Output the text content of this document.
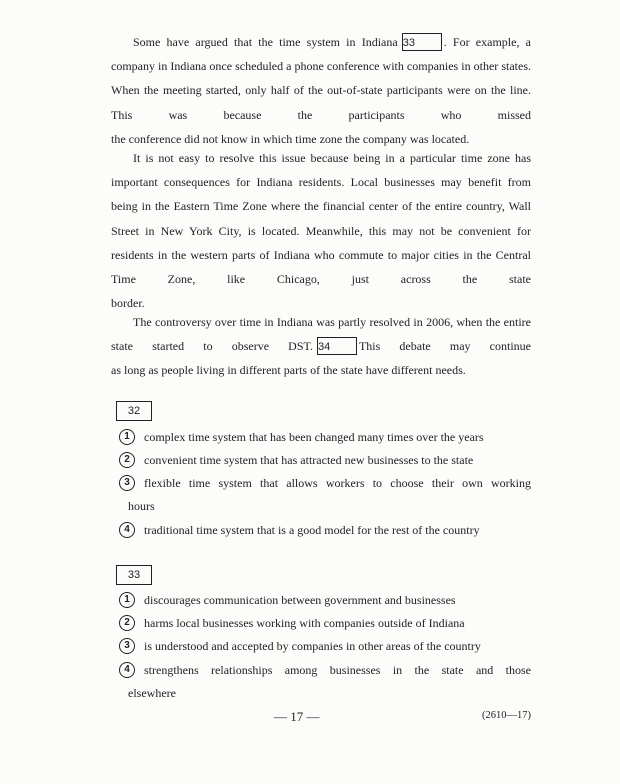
Some have argued that the time system in Indiana 33 . For example, a company in Indiana once scheduled a phone conference with companies in other states. When the meeting started, only half of the out-of-state participants were on the line. This was because the participants who missed
the conference did not know in which time zone the company was located.

It is not easy to resolve this issue because being in a particular time zone has important consequences for Indiana residents. Local businesses may benefit from being in the Eastern Time Zone where the financial center of the entire country, Wall Street in New York City, is located. Meanwhile, this may not be convenient for residents in the western parts of Indiana who commute to major cities in the Central Time Zone, like Chicago, just across the state
border.

The controversy over time in Indiana was partly resolved in 2006, when the entire state started to observe DST. 34 This debate may continue
as long as people living in different parts of the state have different needs.

32
1	complex time system that has been changed many times over the years
2	convenient time system that has attracted new businesses to the state
3	flexible time system that allows workers to choose their own working
hours
4	traditional time system that is a good model for the rest of the country
33
1	discourages communication between government and businesses
2	harms local businesses working with companies outside of Indiana
3	is understood and accepted by companies in other areas of the country
4	strengthens relationships among businesses in the state and those
elsewhere
— 17 —	(2610—17)
